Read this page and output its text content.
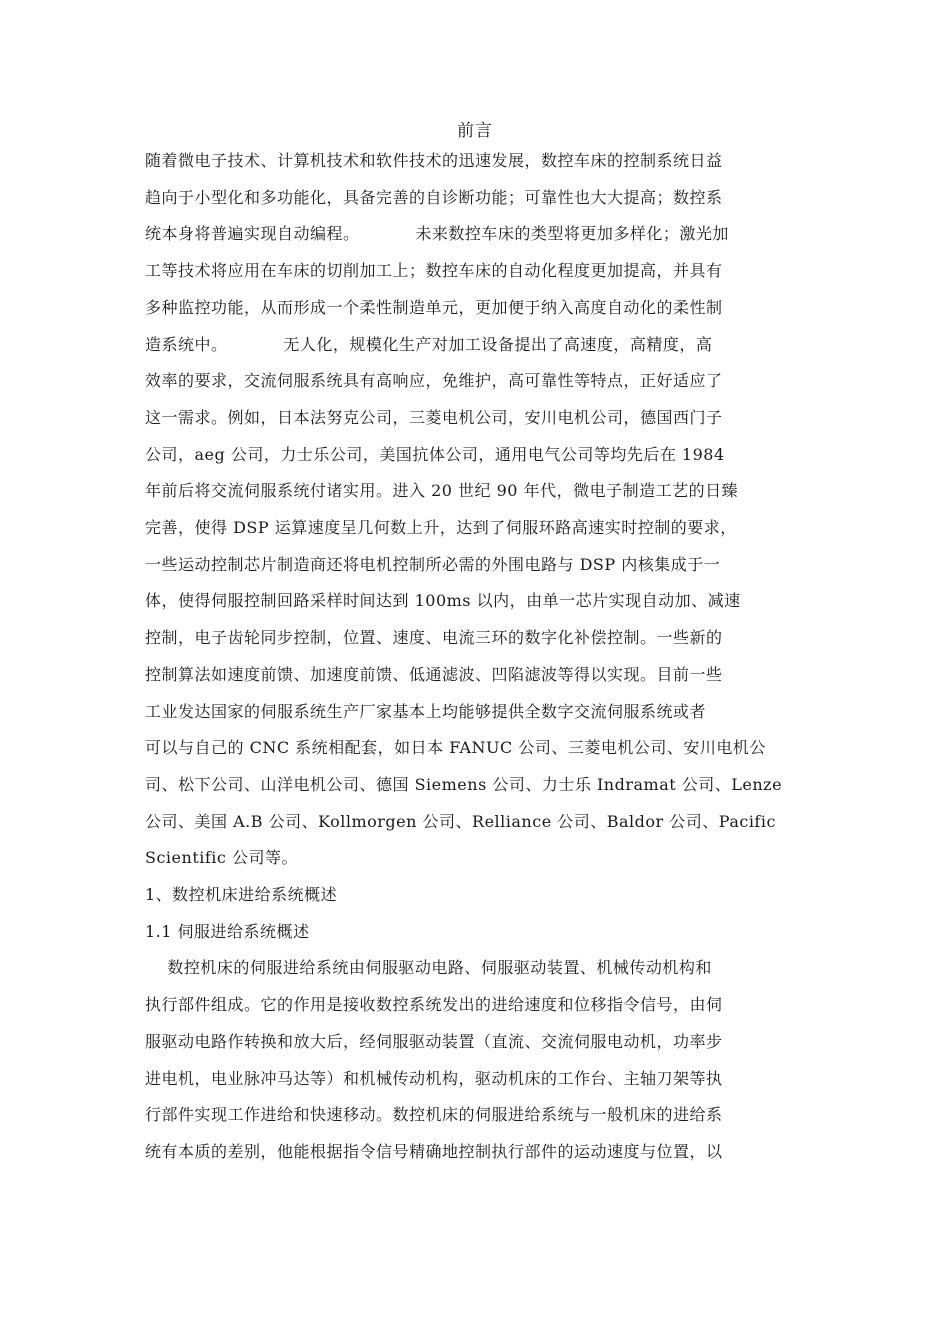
前言
随着微电子技术、计算机技术和软件技术的迅速发展，数控车床的控制系统日益
趋向于小型化和多功能化，具备完善的自诊断功能；可靠性也大大提高；数控系
统本身将普遍实现自动编程。          未来数控车床的类型将更加多样化；激光加
工等技术将应用在车床的切削加工上；数控车床的自动化程度更加提高，并具有
多种监控功能，从而形成一个柔性制造单元，更加便于纳入高度自动化的柔性制
造系统中。          无人化，规模化生产对加工设备提出了高速度，高精度，高
效率的要求，交流伺服系统具有高响应，免维护，高可靠性等特点，正好适应了
这一需求。例如，日本法努克公司，三菱电机公司，安川电机公司，德国西门子
公司，aeg 公司，力士乐公司，美国抗体公司，通用电气公司等均先后在 1984
年前后将交流伺服系统付诸实用。进入 20 世纪 90 年代，微电子制造工艺的日臻
完善，使得 DSP 运算速度呈几何数上升，达到了伺服环路高速实时控制的要求，
一些运动控制芯片制造商还将电机控制所必需的外围电路与 DSP 内核集成于一
体，使得伺服控制回路采样时间达到 100ms 以内，由单一芯片实现自动加、减速
控制，电子齿轮同步控制，位置、速度、电流三环的数字化补偿控制。一些新的
控制算法如速度前馈、加速度前馈、低通滤波、凹陷滤波等得以实现。目前一些
工业发达国家的伺服系统生产厂家基本上均能够提供全数字交流伺服系统或者
可以与自己的 CNC 系统相配套，如日本 FANUC 公司、三菱电机公司、安川电机公
司、松下公司、山洋电机公司、德国 Siemens 公司、力士乐 Indramat 公司、Lenze
公司、美国 A.B 公司、Kollmorgen 公司、Relliance 公司、Baldor 公司、Pacific
Scientific 公司等。
1、数控机床进给系统概述
1.1 伺服进给系统概述
数控机床的伺服进给系统由伺服驱动电路、伺服驱动装置、机械传动机构和
执行部件组成。它的作用是接收数控系统发出的进给速度和位移指令信号，由伺
服驱动电路作转换和放大后，经伺服驱动装置（直流、交流伺服电动机，功率步
进电机，电业脉冲马达等）和机械传动机构，驱动机床的工作台、主轴刀架等执
行部件实现工作进给和快速移动。数控机床的伺服进给系统与一般机床的进给系
统有本质的差别，他能根据指令信号精确地控制执行部件的运动速度与位置，以
